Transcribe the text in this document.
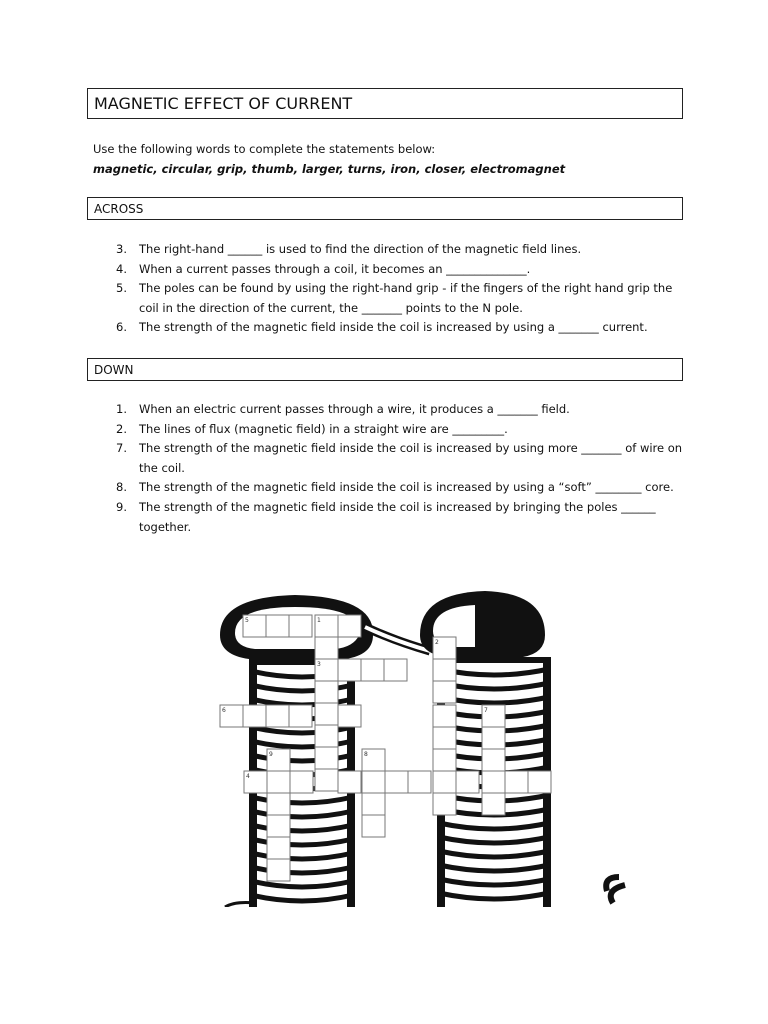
MAGNETIC EFFECT OF CURRENT
Use the following words to complete the statements below:
magnetic, circular, grip, thumb, larger, turns, iron, closer, electromagnet
ACROSS
3. The right-hand ______ is used to find the direction of the magnetic field lines.
4. When a current passes through a coil, it becomes an ______________.
5. The poles can be found by using the right-hand grip - if the fingers of the right hand grip the coil in the direction of the current, the _______ points to the N pole.
6. The strength of the magnetic field inside the coil is increased by using a _______ current.
DOWN
1. When an electric current passes through a wire, it produces a _______ field.
2. The lines of flux (magnetic field) in a straight wire are _________.
7. The strength of the magnetic field inside the coil is increased by using more _______ of wire on the coil.
8. The strength of the magnetic field inside the coil is increased by using a “soft” ________ core.
9. The strength of the magnetic field inside the coil is increased by bringing the poles ______ together.
5	1
2
3
6	7
9	8
4
